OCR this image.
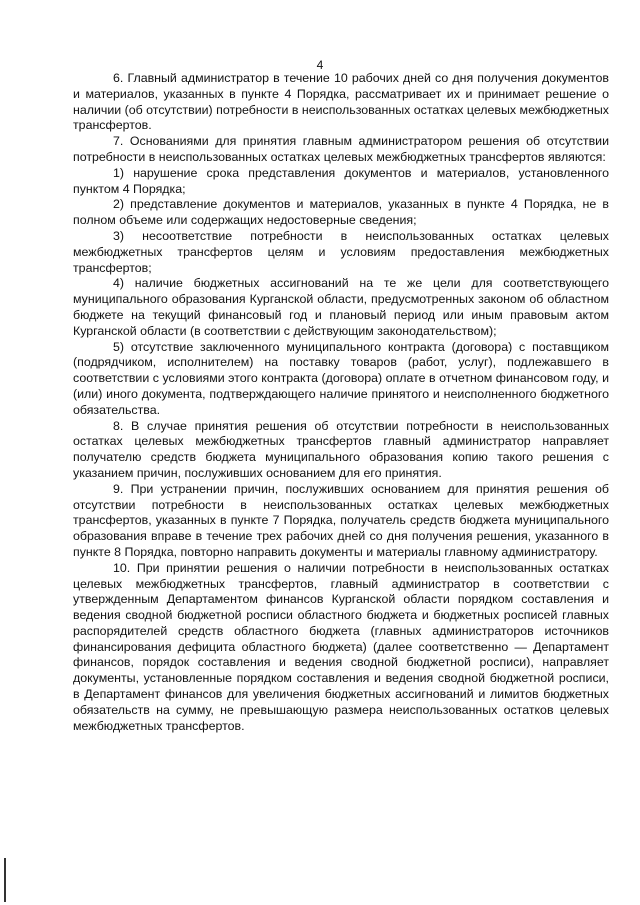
4

6. Главный администратор в течение 10 рабочих дней со дня получения документов и материалов, указанных в пункте 4 Порядка, рассматривает их и принимает решение о наличии (об отсутствии) потребности в неиспользованных остатках целевых межбюджетных трансфертов.

7. Основаниями для принятия главным администратором решения об отсутствии потребности в неиспользованных остатках целевых межбюджетных трансфертов являются:

1) нарушение срока представления документов и материалов, установленного пунктом 4 Порядка;

2) представление документов и материалов, указанных в пункте 4 Порядка, не в полном объеме или содержащих недостоверные сведения;

3) несоответствие потребности в неиспользованных остатках целевых межбюджетных трансфертов целям и условиям предоставления межбюджетных трансфертов;

4) наличие бюджетных ассигнований на те же цели для соответствующего муниципального образования Курганской области, предусмотренных законом об областном бюджете на текущий финансовый год и плановый период или иным правовым актом Курганской области (в соответствии с действующим законодательством);

5) отсутствие заключенного муниципального контракта (договора) с поставщиком (подрядчиком, исполнителем) на поставку товаров (работ, услуг), подлежавшего в соответствии с условиями этого контракта (договора) оплате в отчетном финансовом году, и (или) иного документа, подтверждающего наличие принятого и неисполненного бюджетного обязательства.

8. В случае принятия решения об отсутствии потребности в неиспользованных остатках целевых межбюджетных трансфертов главный администратор направляет получателю средств бюджета муниципального образования копию такого решения с указанием причин, послуживших основанием для его принятия.

9. При устранении причин, послуживших основанием для принятия решения об отсутствии потребности в неиспользованных остатках целевых межбюджетных трансфертов, указанных в пункте 7 Порядка, получатель средств бюджета муниципального образования вправе в течение трех рабочих дней со дня получения решения, указанного в пункте 8 Порядка, повторно направить документы и материалы главному администратору.

10. При принятии решения о наличии потребности в неиспользованных остатках целевых межбюджетных трансфертов, главный администратор в соответствии с утвержденным Департаментом финансов Курганской области порядком составления и ведения сводной бюджетной росписи областного бюджета и бюджетных росписей главных распорядителей средств областного бюджета (главных администраторов источников финансирования дефицита областного бюджета) (далее соответственно — Департамент финансов, порядок составления и ведения сводной бюджетной росписи), направляет документы, установленные порядком составления и ведения сводной бюджетной росписи, в Департамент финансов для увеличения бюджетных ассигнований и лимитов бюджетных обязательств на сумму, не превышающую размера неиспользованных остатков целевых межбюджетных трансфертов.
